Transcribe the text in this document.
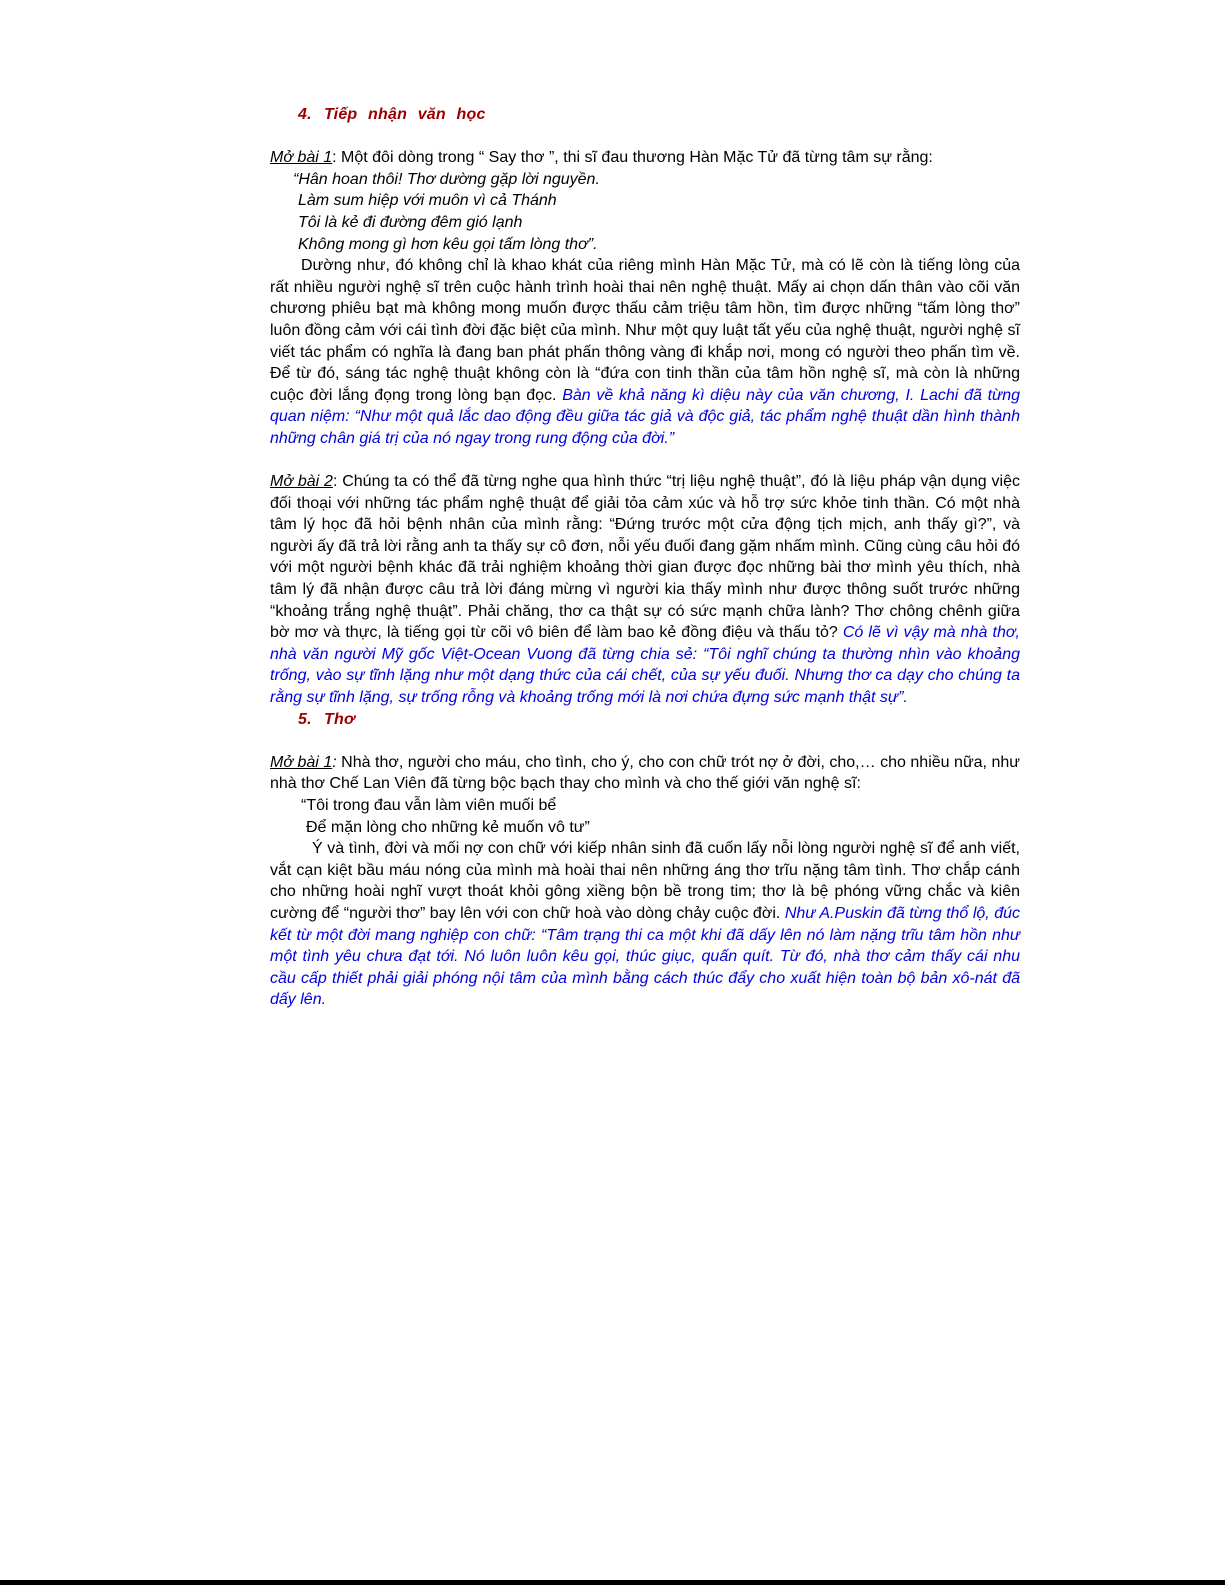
4. Tiếp nhận văn học

Mở bài 1: Một đôi dòng trong “ Say thơ ”, thi sĩ đau thương Hàn Mặc Tử đã từng tâm sự rằng:

“Hân hoan thôi! Thơ dường gặp lời nguyền.
Làm sum hiệp với muôn vì cả Thánh
Tôi là kẻ đi đường đêm gió lạnh
Không mong gì hơn kêu gọi tấm lòng thơ”.

Dường như, đó không chỉ là khao khát của riêng mình Hàn Mặc Tử, mà có lẽ còn là tiếng lòng của rất nhiều người nghệ sĩ trên cuộc hành trình hoài thai nên nghệ thuật. Mấy ai chọn dấn thân vào cõi văn chương phiêu bạt mà không mong muốn được thấu cảm triệu tâm hồn, tìm được những “tấm lòng thơ” luôn đồng cảm với cái tình đời đặc biệt của mình. Như một quy luật tất yếu của nghệ thuật, người nghệ sĩ viết tác phẩm có nghĩa là đang ban phát phấn thông vàng đi khắp nơi, mong có người theo phấn tìm về. Để từ đó, sáng tác nghệ thuật không còn là “đứa con tinh thần của tâm hồn nghệ sĩ, mà còn là những cuộc đời lắng đọng trong lòng bạn đọc. Bàn về khả năng kì diệu này của văn chương, I. Lachi đã từng quan niệm: “Như một quả lắc dao động đều giữa tác giả và độc giả, tác phẩm nghệ thuật dần hình thành những chân giá trị của nó ngay trong rung động của đời.”

Mở bài 2: Chúng ta có thể đã từng nghe qua hình thức “trị liệu nghệ thuật”, đó là liệu pháp vận dụng việc đối thoại với những tác phẩm nghệ thuật để giải tỏa cảm xúc và hỗ trợ sức khỏe tinh thần. Có một nhà tâm lý học đã hỏi bệnh nhân của mình rằng: “Đứng trước một cửa động tịch mịch, anh thấy gì?”, và người ấy đã trả lời rằng anh ta thấy sự cô đơn, nỗi yếu đuối đang gặm nhấm mình. Cũng cùng câu hỏi đó với một người bệnh khác đã trải nghiệm khoảng thời gian được đọc những bài thơ mình yêu thích, nhà tâm lý đã nhận được câu trả lời đáng mừng vì người kia thấy mình như được thông suốt trước những “khoảng trắng nghệ thuật”. Phải chăng, thơ ca thật sự có sức mạnh chữa lành? Thơ chông chênh giữa bờ mơ và thực, là tiếng gọi từ cõi vô biên để làm bao kẻ đồng điệu và thấu tỏ? Có lẽ vì vậy mà nhà thơ, nhà văn người Mỹ gốc Việt-Ocean Vuong đã từng chia sẻ: “Tôi nghĩ chúng ta thường nhìn vào khoảng trống, vào sự tĩnh lặng như một dạng thức của cái chết, của sự yếu đuối. Nhưng thơ ca dạy cho chúng ta rằng sự tĩnh lặng, sự trống rỗng và khoảng trống mới là nơi chứa đựng sức mạnh thật sự”.

5. Thơ

Mở bài 1: Nhà thơ, người cho máu, cho tình, cho ý, cho con chữ trót nợ ở đời, cho,… cho nhiều nữa, như nhà thơ Chế Lan Viên đã từng bộc bạch thay cho mình và cho thế giới văn nghệ sĩ:

“Tôi trong đau vẫn làm viên muối bể
Để mặn lòng cho những kẻ muốn vô tư”

Ý và tình, đời và mối nợ con chữ với kiếp nhân sinh đã cuốn lấy nỗi lòng người nghệ sĩ để anh viết, vắt cạn kiệt bầu máu nóng của mình mà hoài thai nên những áng thơ trĩu nặng tâm tình. Thơ chắp cánh cho những hoài nghĩ vượt thoát khỏi gông xiềng bộn bề trong tim; thơ là bệ phóng vững chắc và kiên cường để “người thơ” bay lên với con chữ hoà vào dòng chảy cuộc đời. Như A.Puskin đã từng thổ lộ, đúc kết từ một đời mang nghiệp con chữ: “Tâm trạng thi ca một khi đã dấy lên nó làm nặng trĩu tâm hồn như một tình yêu chưa đạt tới. Nó luôn luôn kêu gọi, thúc giục, quấn quít. Từ đó, nhà thơ cảm thấy cái nhu cầu cấp thiết phải giải phóng nội tâm của mình bằng cách thúc đẩy cho xuất hiện toàn bộ bản xô-nát đã dấy lên.
